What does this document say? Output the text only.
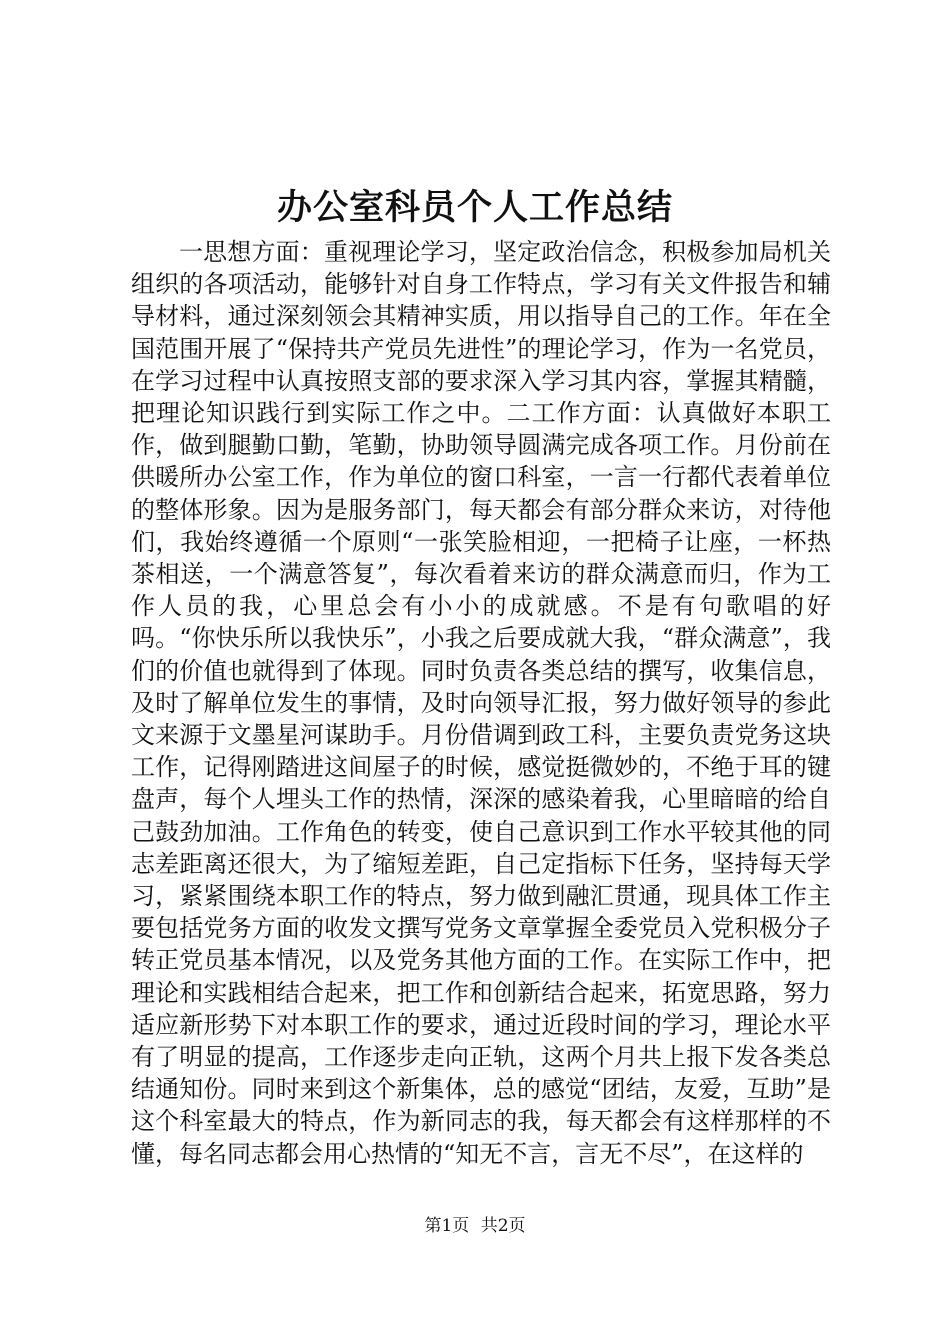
办公室科员个人工作总结

一思想方面：重视理论学习，坚定政治信念，积极参加局机关组织的各项活动，能够针对自身工作特点，学习有关文件报告和辅导材料，通过深刻领会其精神实质，用以指导自己的工作。年在全国范围开展了“保持共产党员先进性”的理论学习，作为一名党员，在学习过程中认真按照支部的要求深入学习其内容，掌握其精髓，把理论知识践行到实际工作之中。二工作方面：认真做好本职工作，做到腿勤口勤，笔勤，协助领导圆满完成各项工作。月份前在供暖所办公室工作，作为单位的窗口科室，一言一行都代表着单位的整体形象。因为是服务部门，每天都会有部分群众来访，对待他们，我始终遵循一个原则“一张笑脸相迎，一把椅子让座，一杯热茶相送，一个满意答复”，每次看着来访的群众满意而归，作为工作人员的我，心里总会有小小的成就感。不是有句歌唱的好吗。“你快乐所以我快乐”，小我之后要成就大我，“群众满意”，我们的价值也就得到了体现。同时负责各类总结的撰写，收集信息，及时了解单位发生的事情，及时向领导汇报，努力做好领导的参此文来源于文墨星河谋助手。月份借调到政工科，主要负责党务这块工作，记得刚踏进这间屋子的时候，感觉挺微妙的，不绝于耳的键盘声，每个人埋头工作的热情，深深的感染着我，心里暗暗的给自己鼓劲加油。工作角色的转变，使自己意识到工作水平较其他的同志差距离还很大，为了缩短差距，自己定指标下任务，坚持每天学习，紧紧围绕本职工作的特点，努力做到融汇贯通，现具体工作主要包括党务方面的收发文撰写党务文章掌握全委党员入党积极分子转正党员基本情况，以及党务其他方面的工作。在实际工作中，把理论和实践相结合起来，把工作和创新结合起来，拓宽思路，努力适应新形势下对本职工作的要求，通过近段时间的学习，理论水平有了明显的提高，工作逐步走向正轨，这两个月共上报下发各类总结通知份。同时来到这个新集体，总的感觉“团结，友爱，互助”是这个科室最大的特点，作为新同志的我，每天都会有这样那样的不懂，每名同志都会用心热情的“知无不言，言无不尽”，在这样的

第1页 共2页
